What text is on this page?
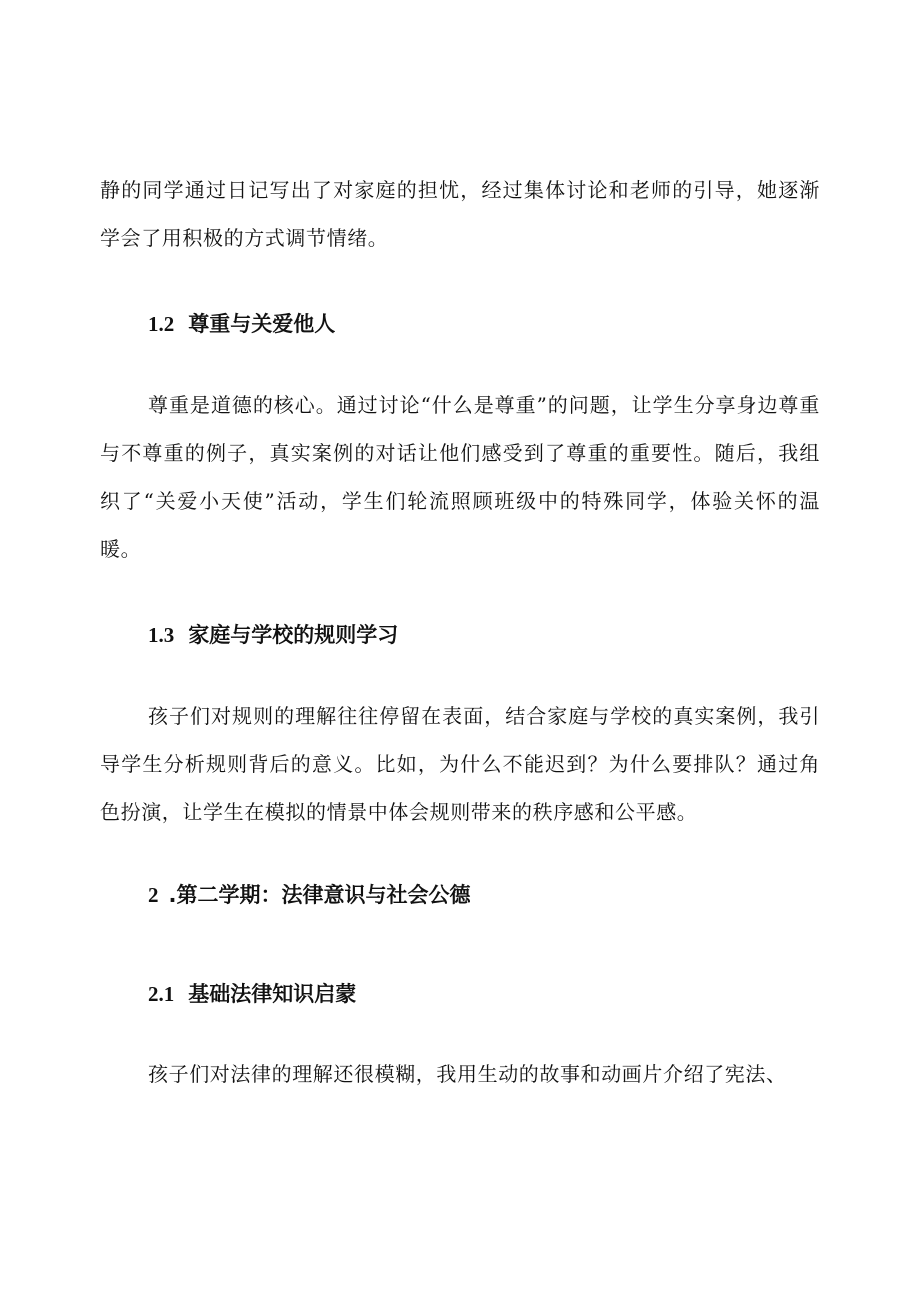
静的同学通过日记写出了对家庭的担忧，经过集体讨论和老师的引导，她逐渐学会了用积极的方式调节情绪。

1.2 尊重与关爱他人

尊重是道德的核心。通过讨论“什么是尊重”的问题，让学生分享身边尊重与不尊重的例子，真实案例的对话让他们感受到了尊重的重要性。随后，我组织了“关爱小天使”活动，学生们轮流照顾班级中的特殊同学，体验关怀的温暖。

1.3 家庭与学校的规则学习

孩子们对规则的理解往往停留在表面，结合家庭与学校的真实案例，我引导学生分析规则背后的意义。比如，为什么不能迟到？为什么要排队？通过角色扮演，让学生在模拟的情景中体会规则带来的秩序感和公平感。

2 .第二学期：法律意识与社会公德
2.1 基础法律知识启蒙

孩子们对法律的理解还很模糊，我用生动的故事和动画片介绍了宪法、
